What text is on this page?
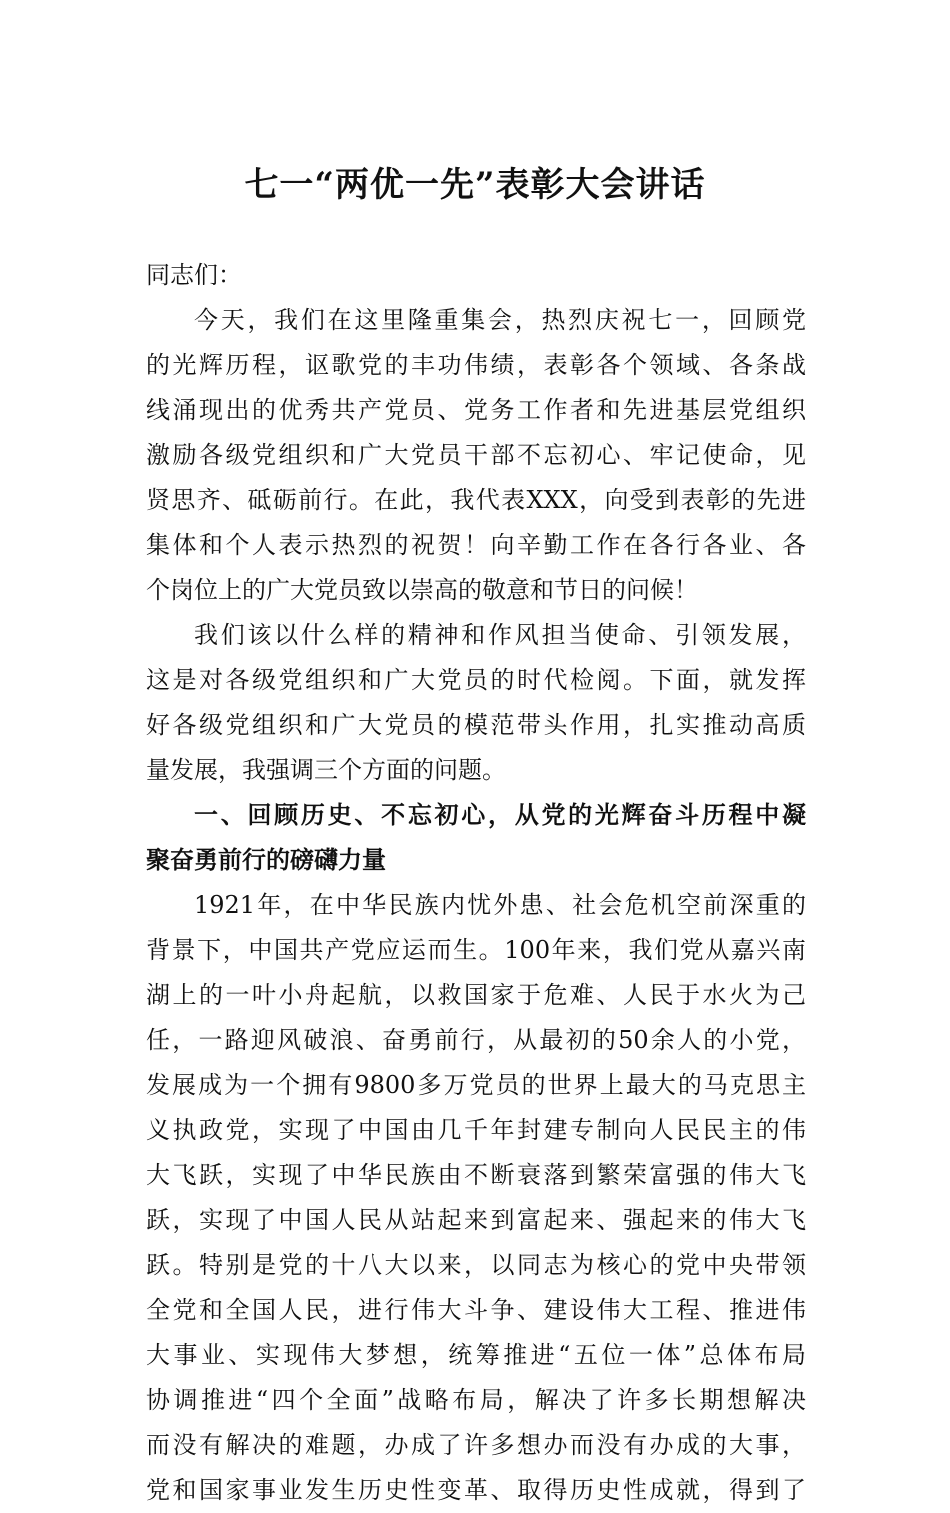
七一“两优一先”表彰大会讲话
同志们：
今天，我们在这里隆重集会，热烈庆祝七一，回顾党
的光辉历程，讴歌党的丰功伟绩，表彰各个领域、各条战
线涌现出的优秀共产党员、党务工作者和先进基层党组织
激励各级党组织和广大党员干部不忘初心、牢记使命，见
贤思齐、砥砺前行。在此，我代表XXX，向受到表彰的先进
集体和个人表示热烈的祝贺！向辛勤工作在各行各业、各
个岗位上的广大党员致以崇高的敬意和节日的问候！
我们该以什么样的精神和作风担当使命、引领发展，
这是对各级党组织和广大党员的时代检阅。下面，就发挥
好各级党组织和广大党员的模范带头作用，扎实推动高质
量发展，我强调三个方面的问题。
一、回顾历史、不忘初心，从党的光辉奋斗历程中凝
聚奋勇前行的磅礴力量
1921年，在中华民族内忧外患、社会危机空前深重的
背景下，中国共产党应运而生。100年来，我们党从嘉兴南
湖上的一叶小舟起航，以救国家于危难、人民于水火为己
任，一路迎风破浪、奋勇前行，从最初的50余人的小党，
发展成为一个拥有9800多万党员的世界上最大的马克思主
义执政党，实现了中国由几千年封建专制向人民民主的伟
大飞跃，实现了中华民族由不断衰落到繁荣富强的伟大飞
跃，实现了中国人民从站起来到富起来、强起来的伟大飞
跃。特别是党的十八大以来，以同志为核心的党中央带领
全党和全国人民，进行伟大斗争、建设伟大工程、推进伟
大事业、实现伟大梦想，统筹推进“五位一体”总体布局
协调推进“四个全面”战略布局，解决了许多长期想解决
而没有解决的难题，办成了许多想办而没有办成的大事，
党和国家事业发生历史性变革、取得历史性成就，得到了
